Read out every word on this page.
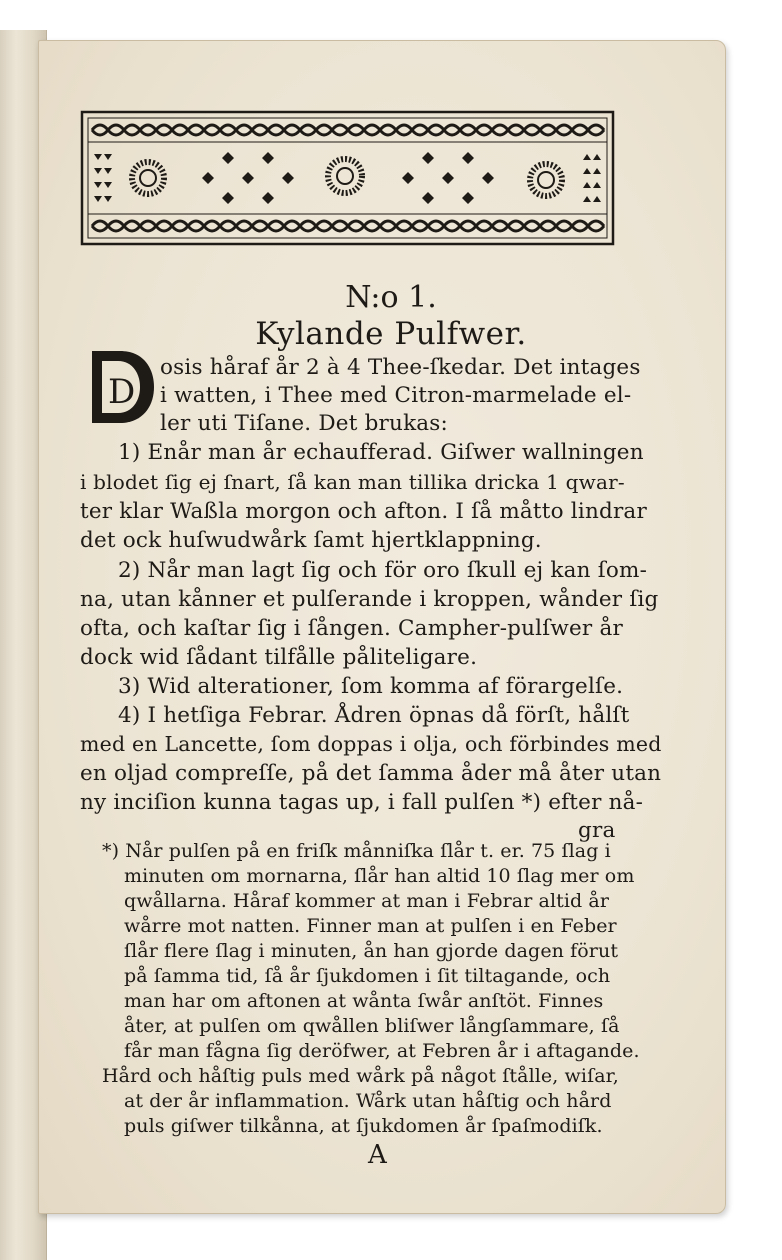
N:o 1.
Kylande Pulfwer.
D
osis håraf år 2 à 4 Thee-ſkedar. Det intages
i watten, i Thee med Citron-marmelade el-
ler uti Tiſane. Det brukas:
1) Enår man år echaufferad. Giſwer wallningen
i blodet ſig ej ſnart, ſå kan man tillika dricka 1 qwar-
ter klar Waßla morgon och afton. I ſå måtto lindrar
det ock huſwudwårk ſamt hjertklappning.
2) Når man lagt ſig och för oro ſkull ej kan ſom-
na, utan kånner et pulſerande i kroppen, wånder ſig
ofta, och kaſtar ſig i ſången. Campher-pulſwer år
dock wid ſådant tilfålle påliteligare.
3) Wid alterationer, ſom komma af förargelſe.
4) I hetſiga Febrar. Ådren öpnas då förſt, hålſt
med en Lancette, ſom doppas i olja, och förbindes med
en oljad compreſſe, på det ſamma åder må åter utan
ny inciſion kunna tagas up, i fall pulſen *) efter nå-
gra
*) Når pulſen på en friſk månniſka ſlår t. er. 75 ſlag i
minuten om mornarna, ſlår han altid 10 ſlag mer om
qwållarna. Håraf kommer at man i Febrar altid år
wårre mot natten. Finner man at pulſen i en Feber
ſlår flere ſlag i minuten, ån han gjorde dagen förut
på ſamma tid, ſå år ſjukdomen i ſit tiltagande, och
man har om aftonen at wånta ſwår anſtöt. Finnes
åter, at pulſen om qwållen bliſwer långſammare, ſå
får man fågna ſig deröfwer, at Febren år i aftagande.
Hård och håſtig puls med wårk på något ſtålle, wiſar,
at der år inflammation. Wårk utan håſtig och hård
puls giſwer tilkånna, at ſjukdomen år ſpaſmodiſk.
A
